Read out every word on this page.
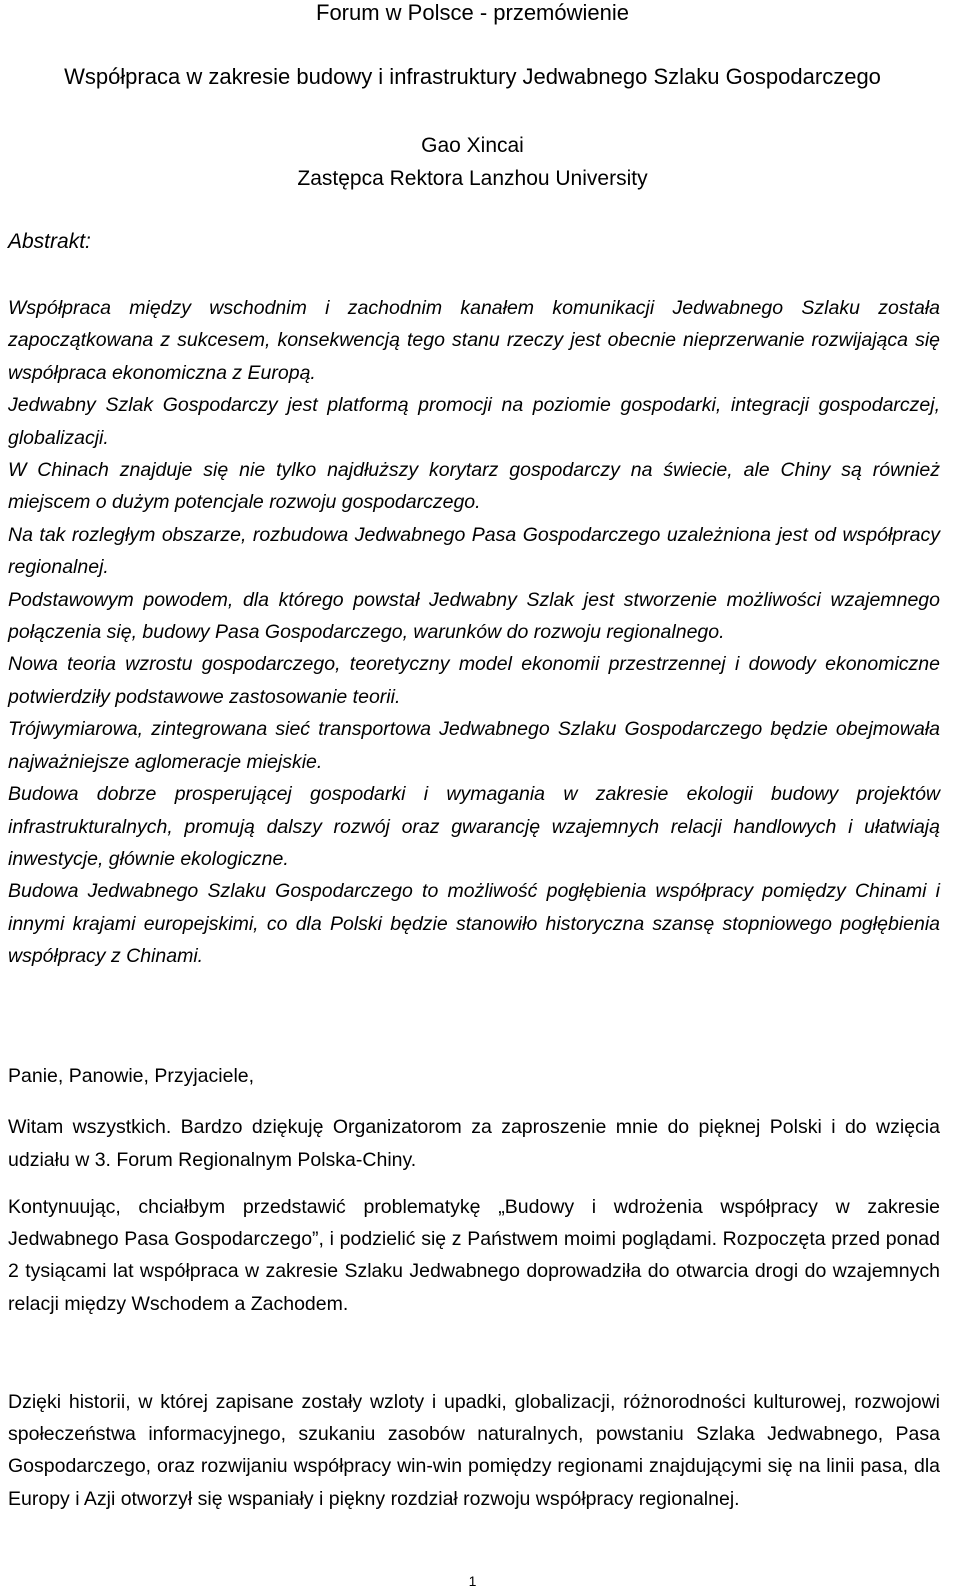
Forum w Polsce - przemówienie
Współpraca w zakresie budowy i infrastruktury Jedwabnego Szlaku Gospodarczego
Gao Xincai
Zastępca Rektora Lanzhou University
Abstrakt:

Współpraca między wschodnim i zachodnim kanałem komunikacji Jedwabnego Szlaku została zapoczątkowana z sukcesem, konsekwencją tego stanu rzeczy jest obecnie nieprzerwanie rozwijająca się współpraca ekonomiczna z Europą.

Jedwabny Szlak Gospodarczy jest platformą promocji na poziomie gospodarki, integracji gospodarczej, globalizacji.

W Chinach znajduje się nie tylko najdłuższy korytarz gospodarczy na świecie, ale Chiny są również miejscem o dużym potencjale rozwoju gospodarczego.

Na tak rozległym obszarze, rozbudowa Jedwabnego Pasa Gospodarczego uzależniona jest od współpracy regionalnej.

Podstawowym powodem, dla którego powstał Jedwabny Szlak jest stworzenie możliwości wzajemnego połączenia się, budowy Pasa Gospodarczego, warunków do rozwoju regionalnego.

Nowa teoria wzrostu gospodarczego, teoretyczny model ekonomii przestrzennej i dowody ekonomiczne potwierdziły podstawowe zastosowanie teorii.

Trójwymiarowa, zintegrowana sieć transportowa Jedwabnego Szlaku Gospodarczego będzie obejmowała najważniejsze aglomeracje miejskie.

Budowa dobrze prosperującej gospodarki i wymagania w zakresie ekologii budowy projektów infrastrukturalnych, promują dalszy rozwój oraz gwarancję wzajemnych relacji handlowych i ułatwiają inwestycje, głównie ekologiczne.

Budowa Jedwabnego Szlaku Gospodarczego to możliwość pogłębienia współpracy pomiędzy Chinami i innymi krajami europejskimi, co dla Polski będzie stanowiło historyczna szansę stopniowego pogłębienia współpracy z Chinami.

Panie, Panowie, Przyjaciele,

Witam wszystkich. Bardzo dziękuję Organizatorom za zaproszenie mnie do pięknej Polski i do wzięcia udziału w 3. Forum Regionalnym Polska-Chiny.

Kontynuując, chciałbym przedstawić problematykę „Budowy i wdrożenia współpracy w zakresie Jedwabnego Pasa Gospodarczego”, i podzielić się z Państwem moimi poglądami. Rozpoczęta przed ponad 2 tysiącami lat współpraca w zakresie Szlaku Jedwabnego doprowadziła do otwarcia drogi do wzajemnych relacji między Wschodem a Zachodem.

Dzięki historii, w której zapisane zostały wzloty i upadki, globalizacji, różnorodności kulturowej, rozwojowi społeczeństwa informacyjnego, szukaniu zasobów naturalnych, powstaniu Szlaka Jedwabnego, Pasa Gospodarczego, oraz rozwijaniu współpracy win-win pomiędzy regionami znajdującymi się na linii pasa, dla Europy i Azji otworzył się wspaniały i piękny rozdział rozwoju współpracy regionalnej.

1
